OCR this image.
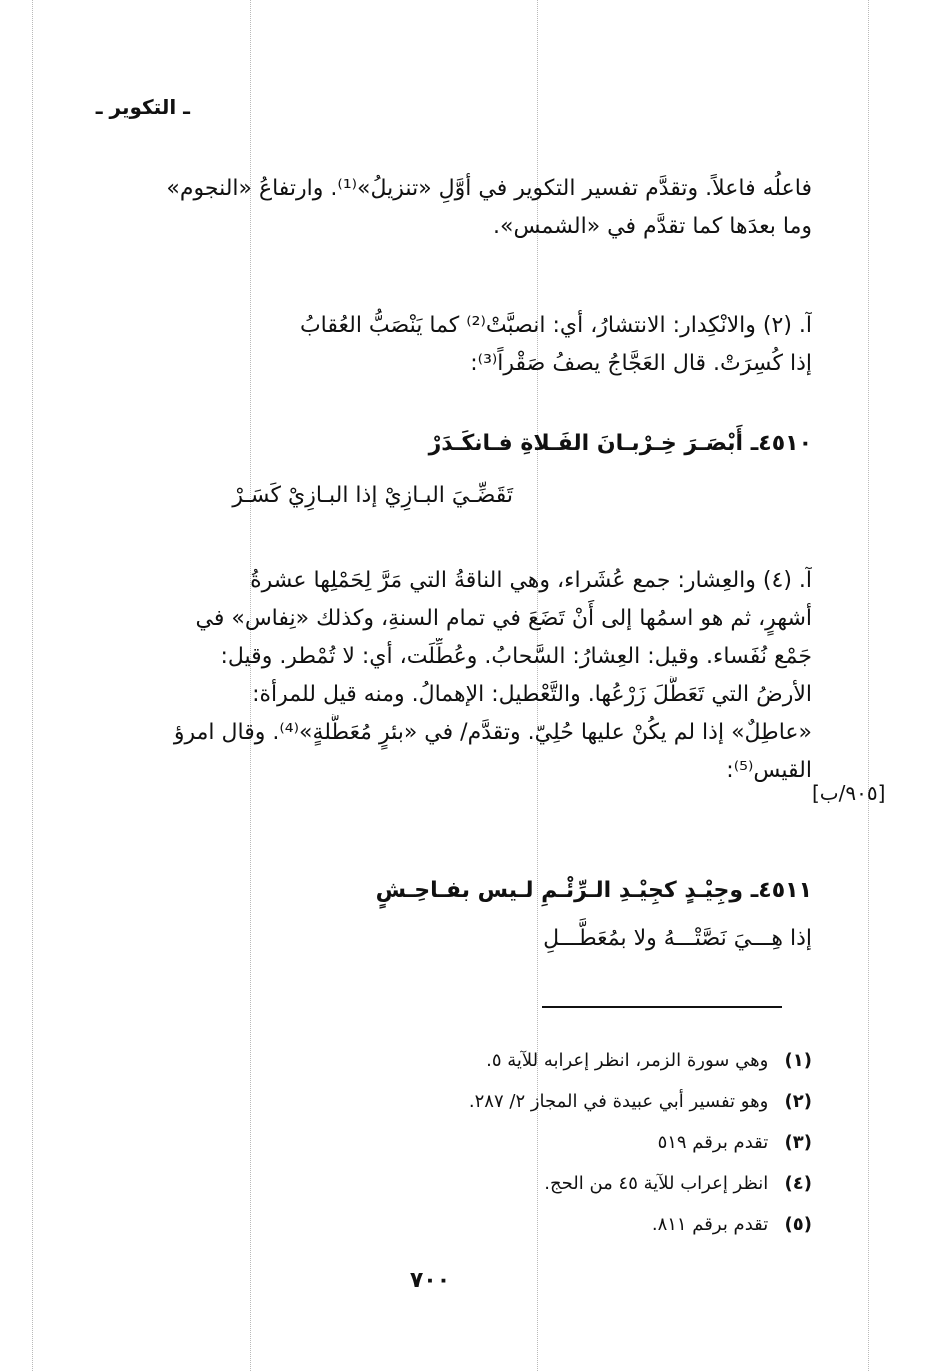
ـ التكوير ـ
فاعلُه فاعلاً. وتقدَّم تفسير التكوير في أوَّلِ «تنزيلُ»⁽¹⁾. وارتفاعُ «النجوم»
وما بعدَها كما تقدَّم في «الشمس».
آ. (٢) والانْكِدار: الانتشارُ، أي: انصبَّتْ⁽²⁾ كما يَنْصَبُّ العُقابُ
إذا كُسِرَتْ. قال العَجَّاجُ يصفُ صَقْراً⁽³⁾:
٤٥١٠ـ أَبْصَـرَ خِـرْبـانَ الفَـلاةِ فـانكَـدَرْ
تَقَضِّـيَ البـازِيْ إذا البـازِيْ كَسَـرْ
آ. (٤) والعِشار: جمع عُشَراء، وهي الناقةُ التي مَرَّ لِحَمْلِها عشرةُ
أشهرٍ، ثم هو اسمُها إلى أَنْ تَضَعَ في تمام السنةِ، وكذلك «نِفاس» في
جَمْع نُفَساء. وقيل: العِشارُ: السَّحابُ. وعُطِّلَت، أي: لا تُمْطر. وقيل:
الأرضُ التي تَعَطَّلَ زَرْعُها. والتَّعْطيل: الإهمالُ. ومنه قيل للمرأة:
«عاطِلٌ» إذا لم يكُنْ عليها حُلِيّ. وتقدَّم/ في «بئرٍ مُعَطَّلةٍ»⁽⁴⁾. وقال امرؤ
القيس⁽⁵⁾:
[٩٠٥/ب]
٤٥١١ـ وجِيْـدٍ كجِيْـدِ الـرِّئْـمِ لـيس بفـاحِـشٍ
إذا هِـــيَ نَصَّتْـــهُ ولا بمُعَطَّـــلِ
(١) وهي سورة الزمر، انظر إعرابه للآية ٥.
(٢) وهو تفسير أبي عبيدة في المجاز ٢/ ٢٨٧.
(٣) تقدم برقم ٥١٩
(٤) انظر إعراب للآية ٤٥ من الحج.
(٥) تقدم برقم ٨١١.
٧٠٠
